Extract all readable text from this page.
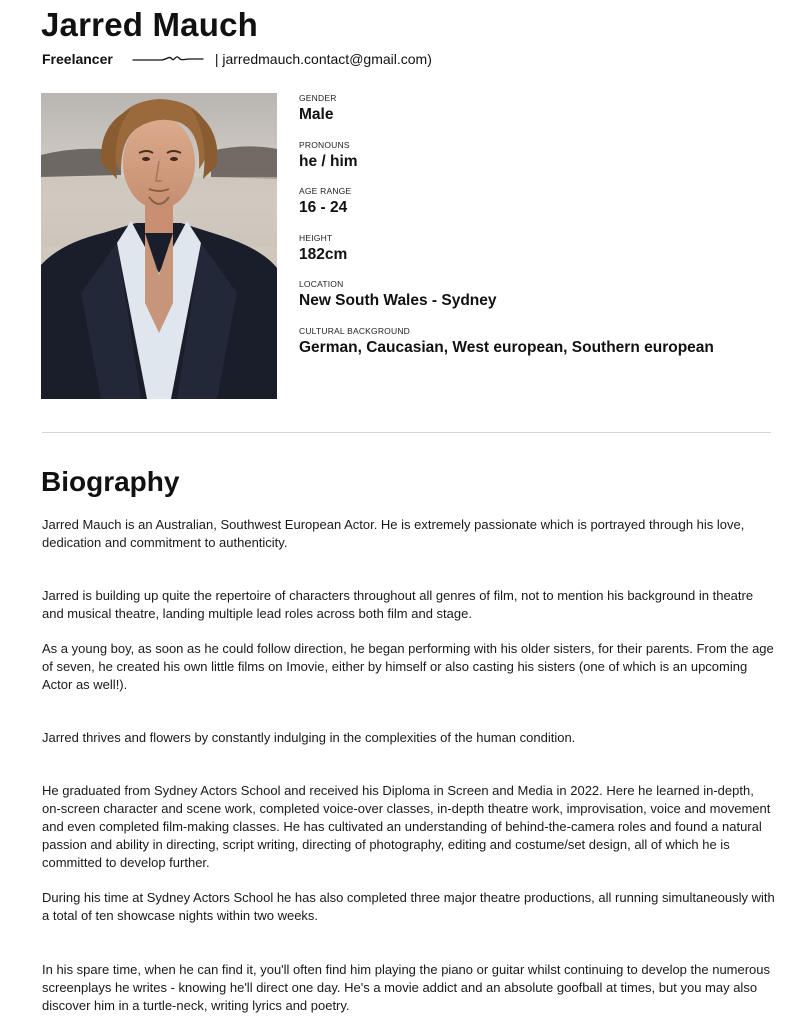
Jarred Mauch
Freelance r	| jarredmauch.contact@gmail.com)
GENDER
Male
PRONOUNS
he / him
AGE RANGE
16 - 24
HEIGHT
182cm
LOCATION
New South Wales - Sydney
CULTURAL BACKGROUND
German, Caucasian, West european, Southern european
Biography

Jarred Mauch is an Australian, Southwest European Actor. He is extremely passionate which is portrayed through his love, dedication and commitment to authenticity.

Jarred is building up quite the repertoire of characters throughout all genres of film, not to mention his background in theatre and musical theatre, landing multiple lead roles across both film and stage.

As a young boy, as soon as he could follow direction, he began performing with his older sisters, for their parents. From the age of seven, he created his own little films on Imovie, either by himself or also casting his sisters (one of which is an upcoming Actor as well!).

Jarred thrives and flowers by constantly indulging in the complexities of the human condition.

He graduated from Sydney Actors School and received his Diploma in Screen and Media in 2022. Here he learned in-depth, on-screen character and scene work, completed voice-over classes, in-depth theatre work, improvisation, voice and movement and even completed film-making classes. He has cultivated an understanding of behind-the-camera roles and found a natural passion and ability in directing, script writing, directing of photography, editing and costume/set design, all of which he is committed to develop further.

During his time at Sydney Actors School he has also completed three major theatre productions, all running simultaneously with a total of ten showcase nights within two weeks.

In his spare time, when he can find it, you'll often find him playing the piano or guitar whilst continuing to develop the numerous screenplays he writes - knowing he'll direct one day. He's a movie addict and an absolute goofball at times, but you may also discover him in a turtle-neck, writing lyrics and poetry.
